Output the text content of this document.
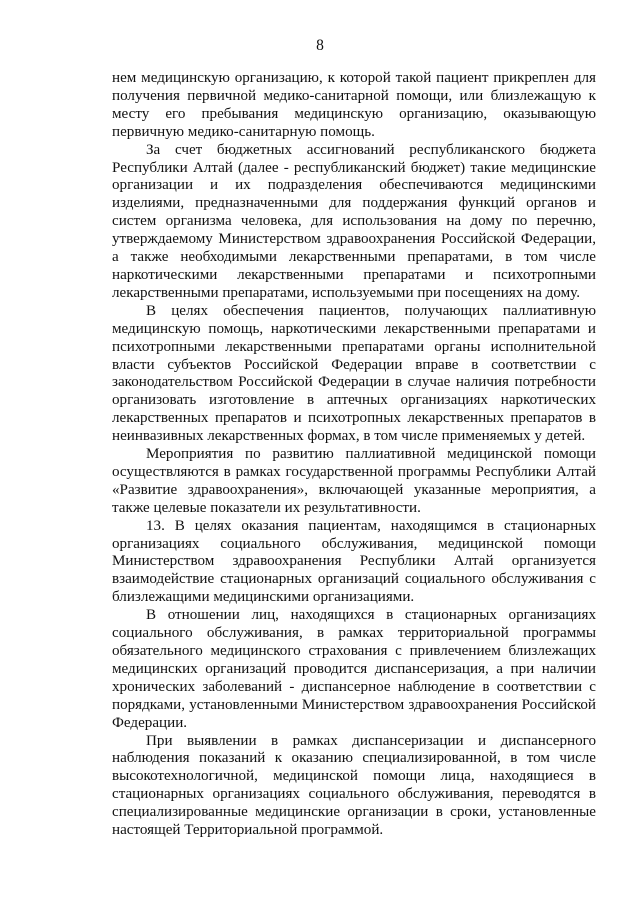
8

нем медицинскую организацию, к которой такой пациент прикреплен для получения первичной медико-санитарной помощи, или близлежащую к месту его пребывания медицинскую организацию, оказывающую первичную медико-санитарную помощь.

За счет бюджетных ассигнований республиканского бюджета Республики Алтай (далее - республиканский бюджет) такие медицинские организации и их подразделения обеспечиваются медицинскими изделиями, предназначенными для поддержания функций органов и систем организма человека, для использования на дому по перечню, утверждаемому Министерством здравоохранения Российской Федерации, а также необходимыми лекарственными препаратами, в том числе наркотическими лекарственными препаратами и психотропными лекарственными препаратами, используемыми при посещениях на дому.

В целях обеспечения пациентов, получающих паллиативную медицинскую помощь, наркотическими лекарственными препаратами и психотропными лекарственными препаратами органы исполнительной власти субъектов Российской Федерации вправе в соответствии с законодательством Российской Федерации в случае наличия потребности организовать изготовление в аптечных организациях наркотических лекарственных препаратов и психотропных лекарственных препаратов в неинвазивных лекарственных формах, в том числе применяемых у детей.

Мероприятия по развитию паллиативной медицинской помощи осуществляются в рамках государственной программы Республики Алтай «Развитие здравоохранения», включающей указанные мероприятия, а также целевые показатели их результативности.

13. В целях оказания пациентам, находящимся в стационарных организациях социального обслуживания, медицинской помощи Министерством здравоохранения Республики Алтай организуется взаимодействие стационарных организаций социального обслуживания с близлежащими медицинскими организациями.

В отношении лиц, находящихся в стационарных организациях социального обслуживания, в рамках территориальной программы обязательного медицинского страхования с привлечением близлежащих медицинских организаций проводится диспансеризация, а при наличии хронических заболеваний - диспансерное наблюдение в соответствии с порядками, установленными Министерством здравоохранения Российской Федерации.

При выявлении в рамках диспансеризации и диспансерного наблюдения показаний к оказанию специализированной, в том числе высокотехнологичной, медицинской помощи лица, находящиеся в стационарных организациях социального обслуживания, переводятся в специализированные медицинские организации в сроки, установленные настоящей Территориальной программой.
